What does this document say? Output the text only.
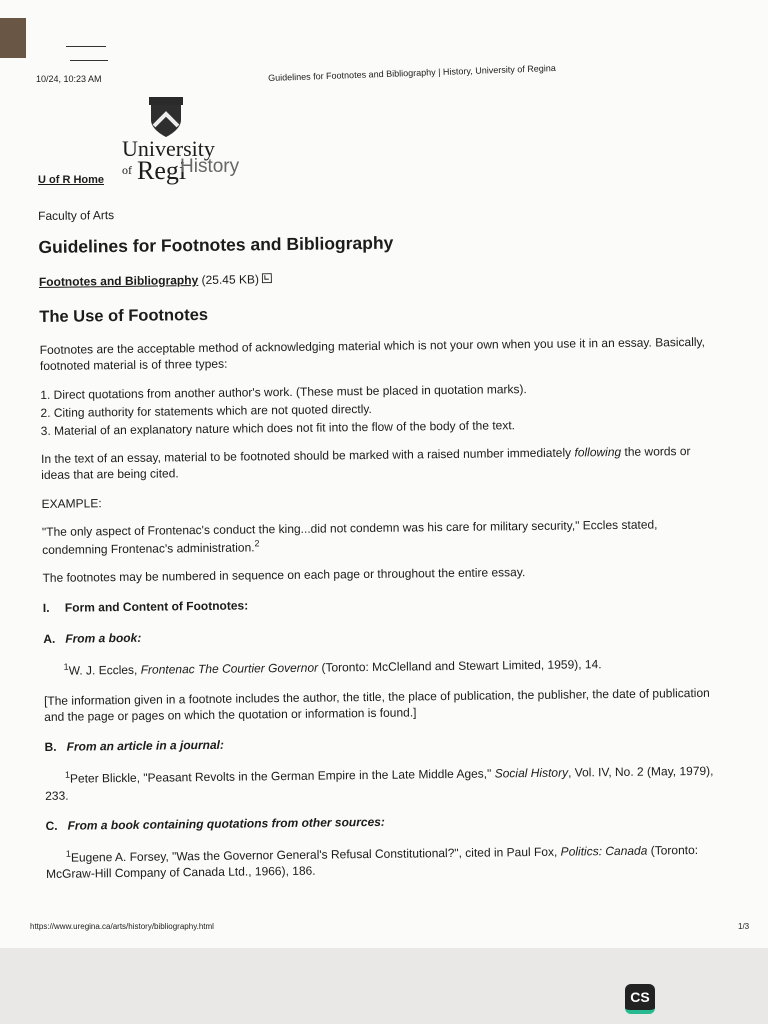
10/24, 10:23 AM	Guidelines for Footnotes and Bibliography | History, University of Regina
University
of Regi
History
U of R Home
Faculty of Arts
Guidelines for Footnotes and Bibliography
Footnotes and Bibliography (25.45 KB)
The Use of Footnotes

Footnotes are the acceptable method of acknowledging material which is not your own when you use it in an essay. Basically, footnoted material is of three types:

1. Direct quotations from another author's work. (These must be placed in quotation marks).
2. Citing authority for statements which are not quoted directly.
3. Material of an explanatory nature which does not fit into the flow of the body of the text.

In the text of an essay, material to be footnoted should be marked with a raised number immediately following the words or ideas that are being cited.

EXAMPLE:

"The only aspect of Frontenac's conduct the king...did not condemn was his care for military security," Eccles stated, condemning Frontenac's administration.$^2$

The footnotes may be numbered in sequence on each page or throughout the entire essay.

I. Form and Content of Footnotes:
A. From a book:

$^1$W. J. Eccles, Frontenac The Courtier Governor (Toronto: McClelland and Stewart Limited, 1959), 14.

[The information given in a footnote includes the author, the title, the place of publication, the publisher, the date of publication and the page or pages on which the quotation or information is found.]

B. From an article in a journal:

$^1$Peter Blickle, "Peasant Revolts in the German Empire in the Late Middle Ages," Social History, Vol. IV, No. 2 (May, 1979), 233.

C. From a book containing quotations from other sources:

$^1$Eugene A. Forsey, "Was the Governor General's Refusal Constitutional?", cited in Paul Fox, Politics: Canada (Toronto: McGraw-Hill Company of Canada Ltd., 1966), 186.

https://www.uregina.ca/arts/history/bibliography.html	1/3
CS
